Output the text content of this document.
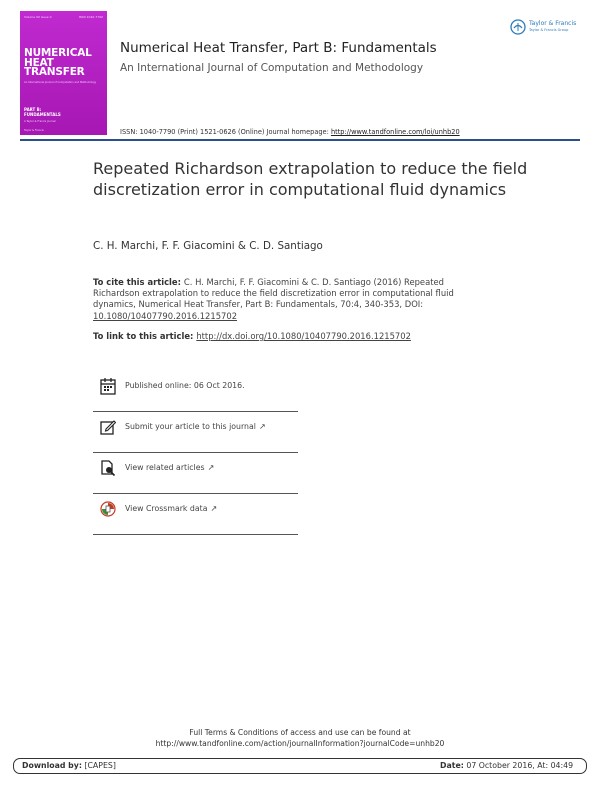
Volume 00 Issue 0	ISSN 1040-7790
NUMERICAL
HEAT
TRANSFER
An International Journal of Computation and Methodology
PART B:
FUNDAMENTALS
A Taylor & Francis Journal
Taylor & Francis
Numerical Heat Transfer, Part B: Fundamentals
An International Journal of Computation and Methodology
Taylor & Francis
Taylor & Francis Group
ISSN: 1040-7790 (Print) 1521-0626 (Online) Journal homepage: http://www.tandfonline.com/loi/unhb20
Repeated Richardson extrapolation to reduce the field discretization error in computational fluid dynamics
C. H. Marchi, F. F. Giacomini & C. D. Santiago
To cite this article: C. H. Marchi, F. F. Giacomini & C. D. Santiago (2016) Repeated Richardson extrapolation to reduce the field discretization error in computational fluid dynamics, Numerical Heat Transfer, Part B: Fundamentals, 70:4, 340-353, DOI: 10.1080/10407790.2016.1215702
To link to this article: http://dx.doi.org/10.1080/10407790.2016.1215702
Published online: 06 Oct 2016.
Submit your article to this journal ↗
View related articles ↗
View Crossmark data ↗
Full Terms & Conditions of access and use can be found at
http://www.tandfonline.com/action/journalInformation?journalCode=unhb20
Download by: [CAPES]	Date: 07 October 2016, At: 04:49
